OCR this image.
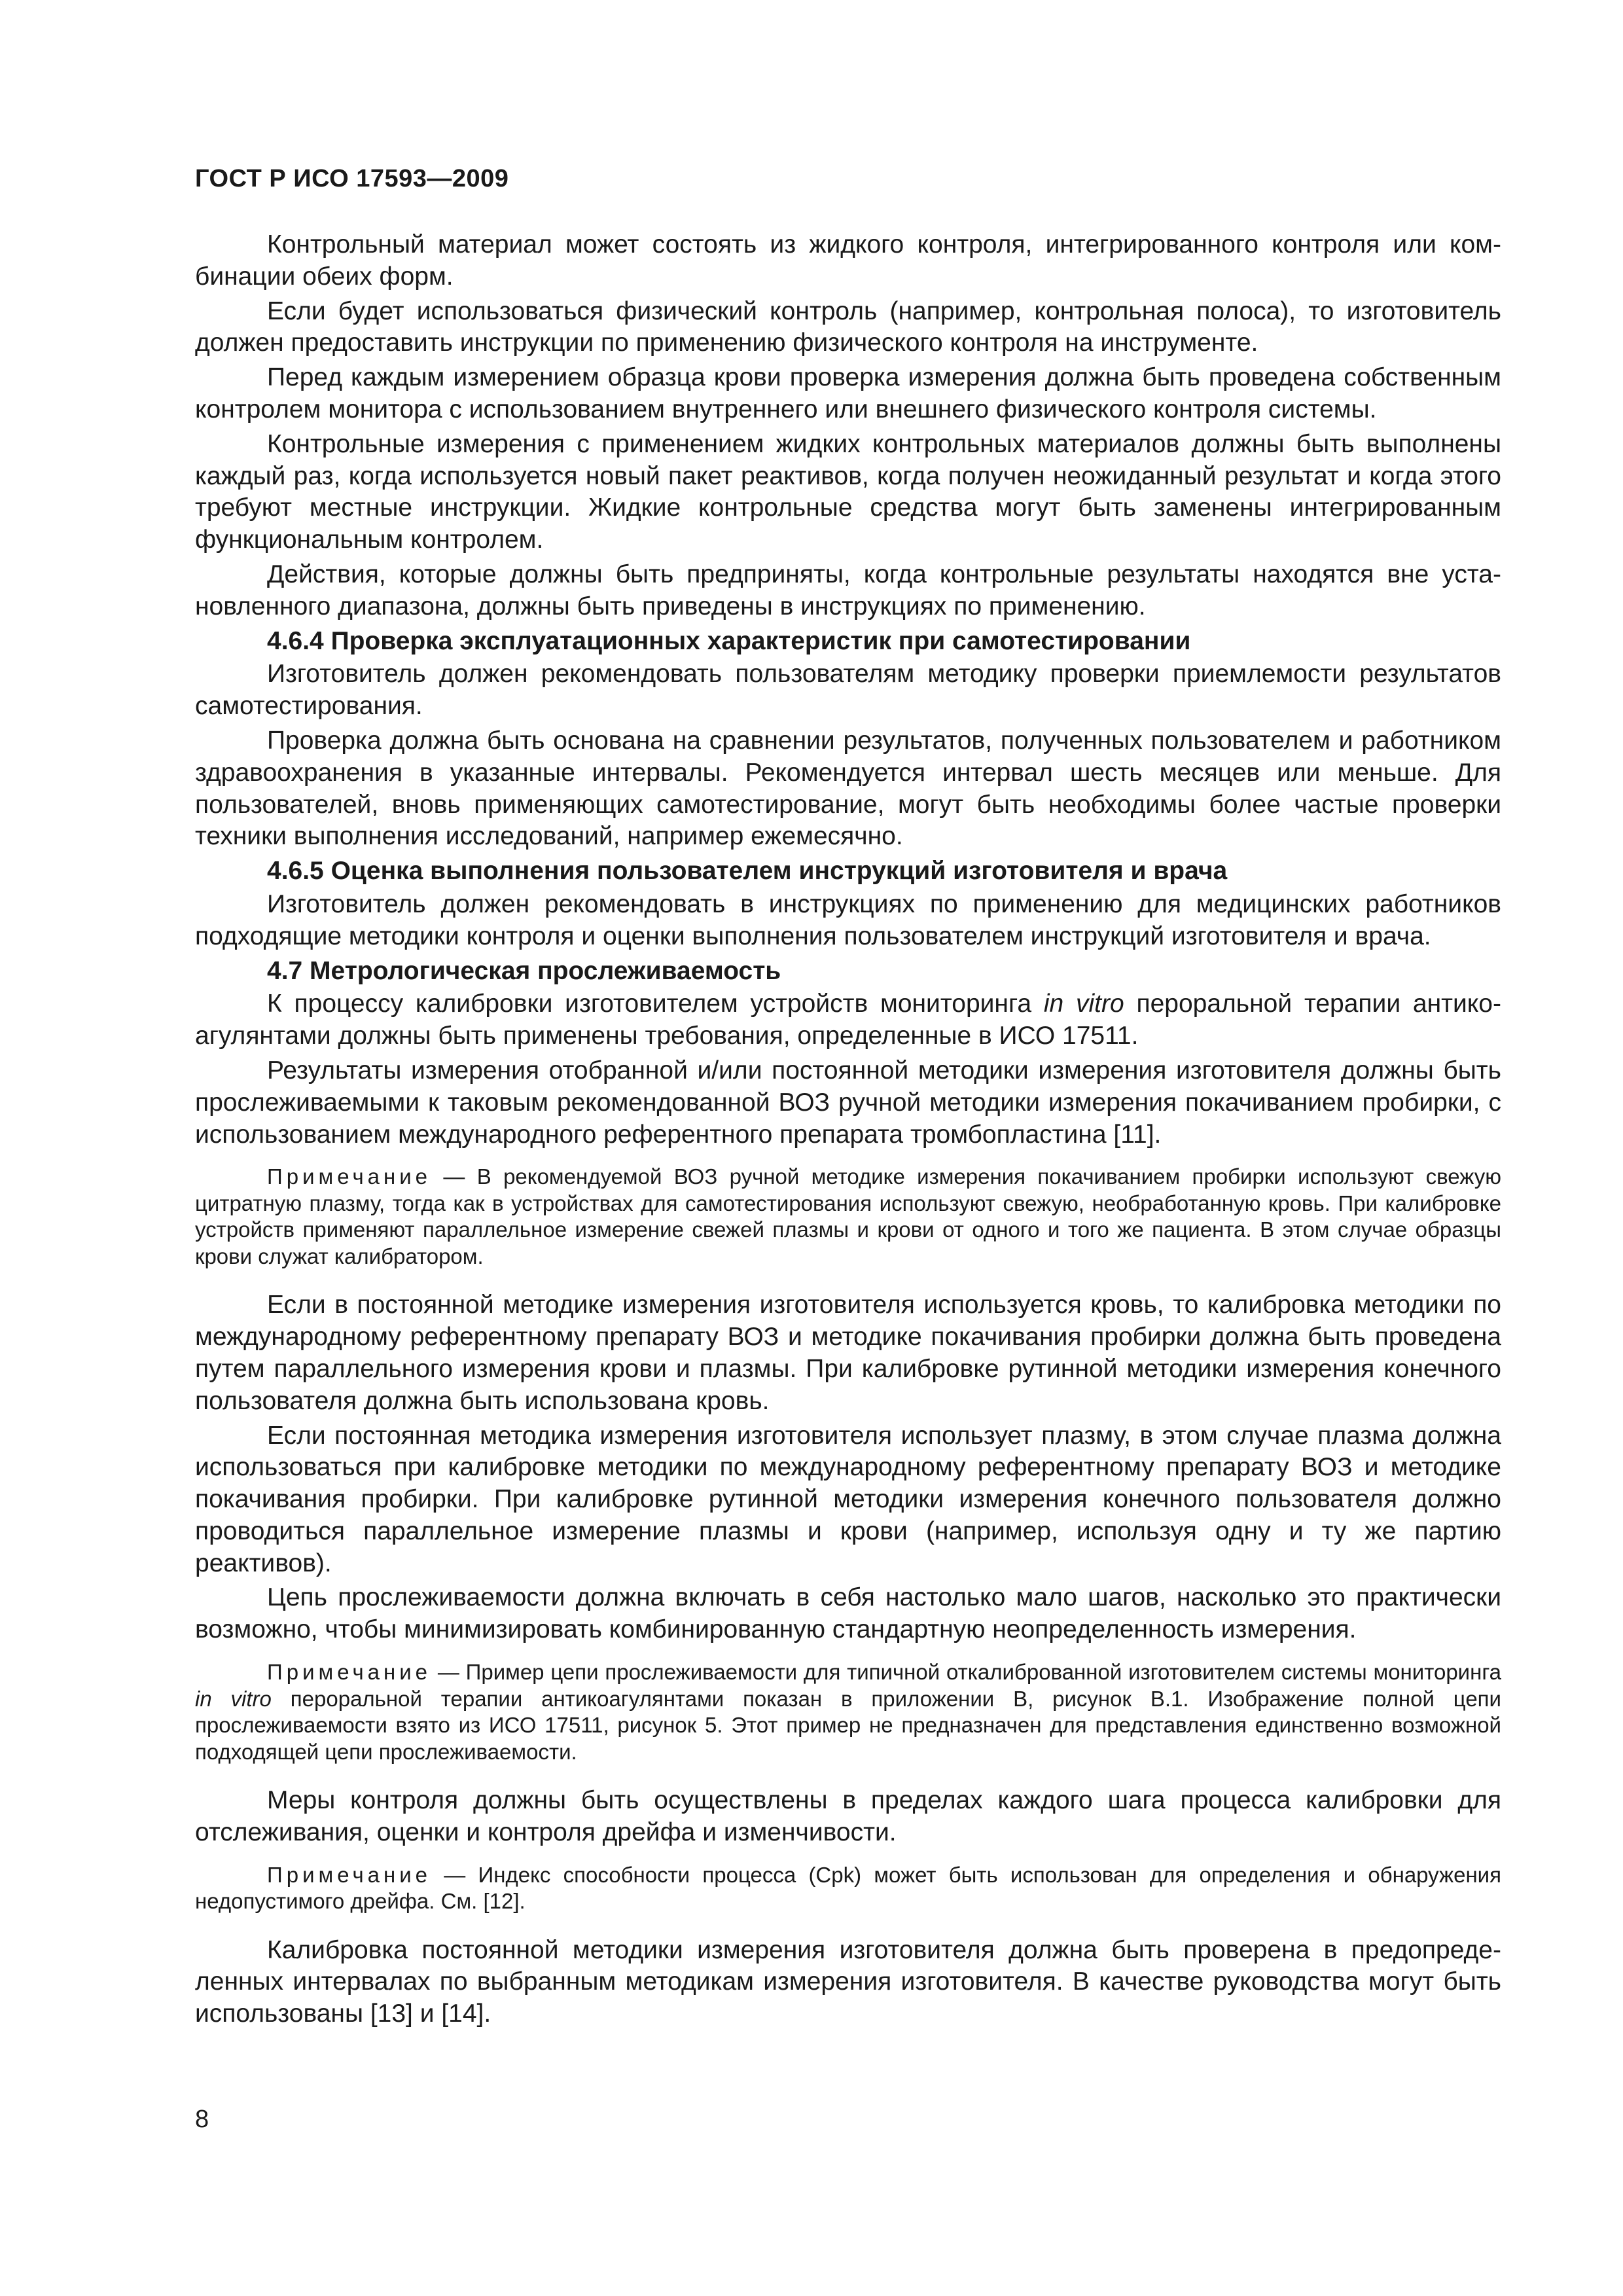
ГОСТ Р ИСО 17593—2009

Контрольный материал может состоять из жидкого контроля, интегрированного контроля или комбинации обеих форм.

Если будет использоваться физический контроль (например, контрольная полоса), то изготовитель должен предоставить инструкции по применению физического контроля на инструменте.

Перед каждым измерением образца крови проверка измерения должна быть проведена собственным контролем монитора с использованием внутреннего или внешнего физического контроля системы.

Контрольные измерения с применением жидких контрольных материалов должны быть выполнены каждый раз, когда используется новый пакет реактивов, когда получен неожиданный результат и когда этого требуют местные инструкции. Жидкие контрольные средства могут быть заменены интегрированным функциональным контролем.

Действия, которые должны быть предприняты, когда контрольные результаты находятся вне установленного диапазона, должны быть приведены в инструкциях по применению.

4.6.4 Проверка эксплуатационных характеристик при самотестировании

Изготовитель должен рекомендовать пользователям методику проверки приемлемости результатов самотестирования.

Проверка должна быть основана на сравнении результатов, полученных пользователем и работником здравоохранения в указанные интервалы. Рекомендуется интервал шесть месяцев или меньше. Для пользователей, вновь применяющих самотестирование, могут быть необходимы более частые проверки техники выполнения исследований, например ежемесячно.

4.6.5 Оценка выполнения пользователем инструкций изготовителя и врача

Изготовитель должен рекомендовать в инструкциях по применению для медицинских работников подходящие методики контроля и оценки выполнения пользователем инструкций изготовителя и врача.

4.7 Метрологическая прослеживаемость

К процессу калибровки изготовителем устройств мониторинга in vitro пероральной терапии антикоагулянтами должны быть применены требования, определенные в ИСО 17511.

Результаты измерения отобранной и/или постоянной методики измерения изготовителя должны быть прослеживаемыми к таковым рекомендованной ВОЗ ручной методики измерения покачиванием пробирки, с использованием международного референтного препарата тромбопластина [11].

Примечание — В рекомендуемой ВОЗ ручной методике измерения покачиванием пробирки используют свежую цитратную плазму, тогда как в устройствах для самотестирования используют свежую, необработанную кровь. При калибровке устройств применяют параллельное измерение свежей плазмы и крови от одного и того же пациента. В этом случае образцы крови служат калибратором.

Если в постоянной методике измерения изготовителя используется кровь, то калибровка методики по международному референтному препарату ВОЗ и методике покачивания пробирки должна быть проведена путем параллельного измерения крови и плазмы. При калибровке рутинной методики измерения конечного пользователя должна быть использована кровь.

Если постоянная методика измерения изготовителя использует плазму, в этом случае плазма должна использоваться при калибровке методики по международному референтному препарату ВОЗ и методике покачивания пробирки. При калибровке рутинной методики измерения конечного пользователя должно проводиться параллельное измерение плазмы и крови (например, используя одну и ту же партию реактивов).

Цепь прослеживаемости должна включать в себя настолько мало шагов, насколько это практически возможно, чтобы минимизировать комбинированную стандартную неопределенность измерения.

Примечание — Пример цепи прослеживаемости для типичной откалиброванной изготовителем системы мониторинга in vitro пероральной терапии антикоагулянтами показан в приложении В, рисунок В.1. Изображение полной цепи прослеживаемости взято из ИСО 17511, рисунок 5. Этот пример не предназначен для представления единственно возможной подходящей цепи прослеживаемости.

Меры контроля должны быть осуществлены в пределах каждого шага процесса калибровки для отслеживания, оценки и контроля дрейфа и изменчивости.

Примечание — Индекс способности процесса (Cpk) может быть использован для определения и обнаружения недопустимого дрейфа. См. [12].

Калибровка постоянной методики измерения изготовителя должна быть проверена в предопределенных интервалах по выбранным методикам измерения изготовителя. В качестве руководства могут быть использованы [13] и [14].

8
